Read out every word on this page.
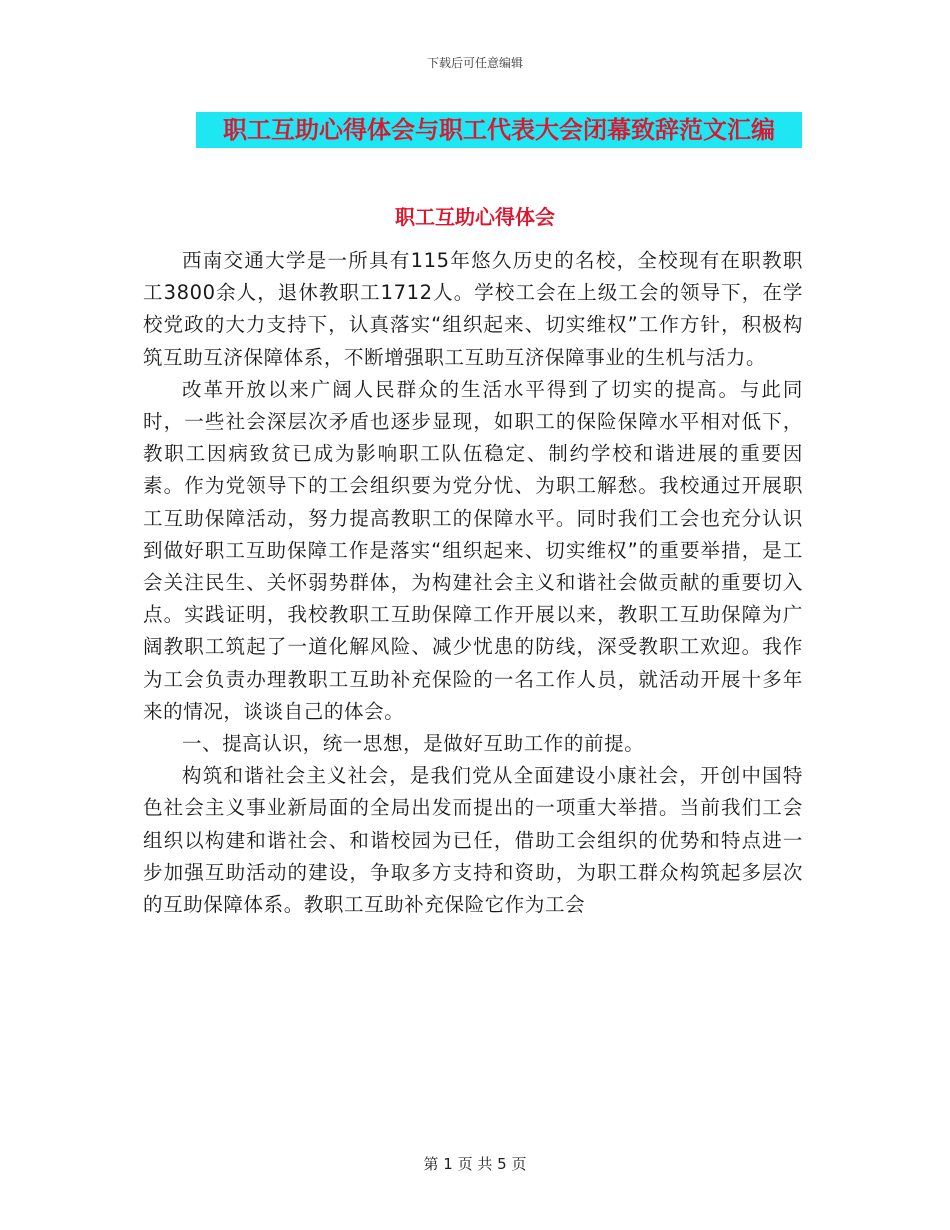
下载后可任意编辑
职工互助心得体会与职工代表大会闭幕致辞范文汇编
职工互助心得体会

西南交通大学是一所具有115年悠久历史的名校，全校现有在职教职工3800余人，退休教职工1712人。学校工会在上级工会的领导下，在学校党政的大力支持下，认真落实“组织起来、切实维权”工作方针，积极构筑互助互济保障体系，不断增强职工互助互济保障事业的生机与活力。

改革开放以来广阔人民群众的生活水平得到了切实的提高。与此同时，一些社会深层次矛盾也逐步显现，如职工的保险保障水平相对低下，教职工因病致贫已成为影响职工队伍稳定、制约学校和谐进展的重要因素。作为党领导下的工会组织要为党分忧、为职工解愁。我校通过开展职工互助保障活动，努力提高教职工的保障水平。同时我们工会也充分认识到做好职工互助保障工作是落实“组织起来、切实维权”的重要举措，是工会关注民生、关怀弱势群体，为构建社会主义和谐社会做贡献的重要切入点。实践证明，我校教职工互助保障工作开展以来，教职工互助保障为广阔教职工筑起了一道化解风险、减少忧患的防线，深受教职工欢迎。我作为工会负责办理教职工互助补充保险的一名工作人员，就活动开展十多年来的情况，谈谈自己的体会。

一、提高认识，统一思想，是做好互助工作的前提。

构筑和谐社会主义社会，是我们党从全面建设小康社会，开创中国特色社会主义事业新局面的全局出发而提出的一项重大举措。当前我们工会组织以构建和谐社会、和谐校园为已任，借助工会组织的优势和特点进一步加强互助活动的建设，争取多方支持和资助，为职工群众构筑起多层次的互助保障体系。教职工互助补充保险它作为工会

第 1 页 共 5 页
